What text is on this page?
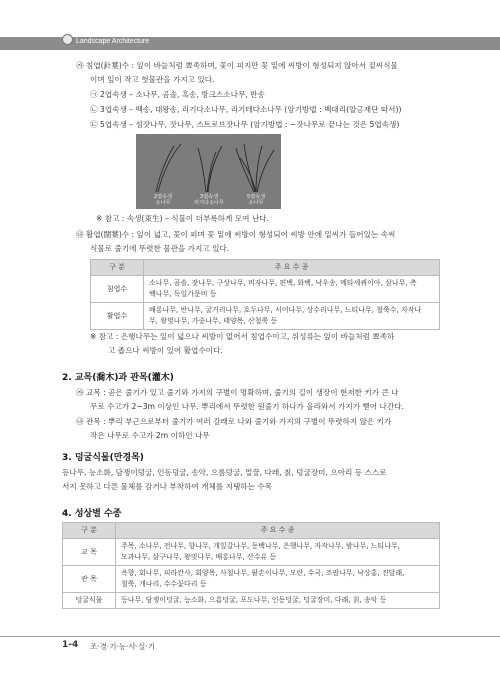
Landscape Architecture
㉮ 침엽(針葉)수 : 잎이 바늘처럼 뾰족하며, 꽃이 피지만 꽃 밑에 씨방이 형성되지 않아서 겉씨식물
이며 잎이 작고 헛물관을 가지고 있다.
㉠ 2엽속생 – 소나무, 곰솔, 흑송, 방크스소나무, 반송
㉡ 3엽속생 – 백송, 대왕송, 리기다소나무, 리기테다소나무 (암기방법 : 백대리(알긍재단 따서))
㉢ 5엽속생 – 섬잣나무, 잣나무, 스트로브잣나무 (암기방법 : ~잣나무로 끝나는 것은 5엽속생)
2엽속생
소나무
3엽속생
리기다소나무
5엽속생
소나무
※ 참고 : 속생(束生) – 식물이 더부룩하게 모여 난다.
㉯ 활엽(闊葉)수 : 잎이 넓고, 꽃이 피며 꽃 밑에 씨방이 형성되어 씨방 안에 밑씨가 들어있는 속씨
식물로 줄기에 뚜렷한 물관을 가지고 있다.
구 분	주 요 수 종
침엽수	소나무, 곰솔, 잣나무, 구상나무, 비자나무, 편백, 화백, 낙우송, 메타세쿼이아, 삼나무, 측
백나무, 독일가문비 등
활엽수	배롱나무, 반나무, 굴거리나무, 호두나무, 서어나무, 상수리나무, 느티나무, 철쭉수, 자작나
무, 왕벚나무, 가중나무, 태양목, 산철쭉 등
※ 참고 : 은행나무는 잎이 넓으나 씨방이 없어서 침엽수이고, 위성류는 잎이 바늘처럼 뾰족하
고 좁으나 씨방이 있어 활엽수이다.
2. 교목(喬木)과 관목(灌木)
㉮ 교목 : 곧은 줄기가 있고 줄기와 가지의 구별이 명확하며, 줄기의 길이 생장이 현저한 키가 큰 나
무로 수고가 2~3m 이상인 나무. 뿌리에서 뚜렷한 원줄기 하나가 올라와서 가지가 뻗어 나간다.
㉯ 관목 : 뿌리 부근으로부터 줄기가 여러 갈래로 나와 줄기와 가지의 구별이 뚜렷하지 않은 키가
작은 나무로 수고가 2m 이하인 나무
3. 덩굴식물(만경목)
등나무, 능소화, 담쟁이덩굴, 인동덩굴, 송악, 으름덩굴, 멀꿀, 다래, 칡, 덩굴장미, 으아리 등 스스로
서지 못하고 다른 물체를 감거나 부착하여 개체를 지탱하는 수목
4. 성상별 수종
구 분	주 요 수 종
교 목	주목, 소나무, 전나무, 향나무, 개잎갈나무, 동백나무, 은행나무, 자작나무, 밤나무, 느티나무,
모과나무, 삼구나무, 왕벚나무, 배롱나무, 산수유 등
관 목	옥향, 회나무, 피라칸사, 회양목, 사철나무, 팥손이나무, 모란, 수국, 조팝나무, 낙상홍, 진달래,
철쭉, 개나리, 수수꽃다리 등
덩굴식물	등나무, 담쟁이덩굴, 능소화, 으름덩굴, 포도나무, 인동덩굴, 덩굴장미, 다래, 칡, 송악 등
1-4 조·경·기·능·사·실·기
